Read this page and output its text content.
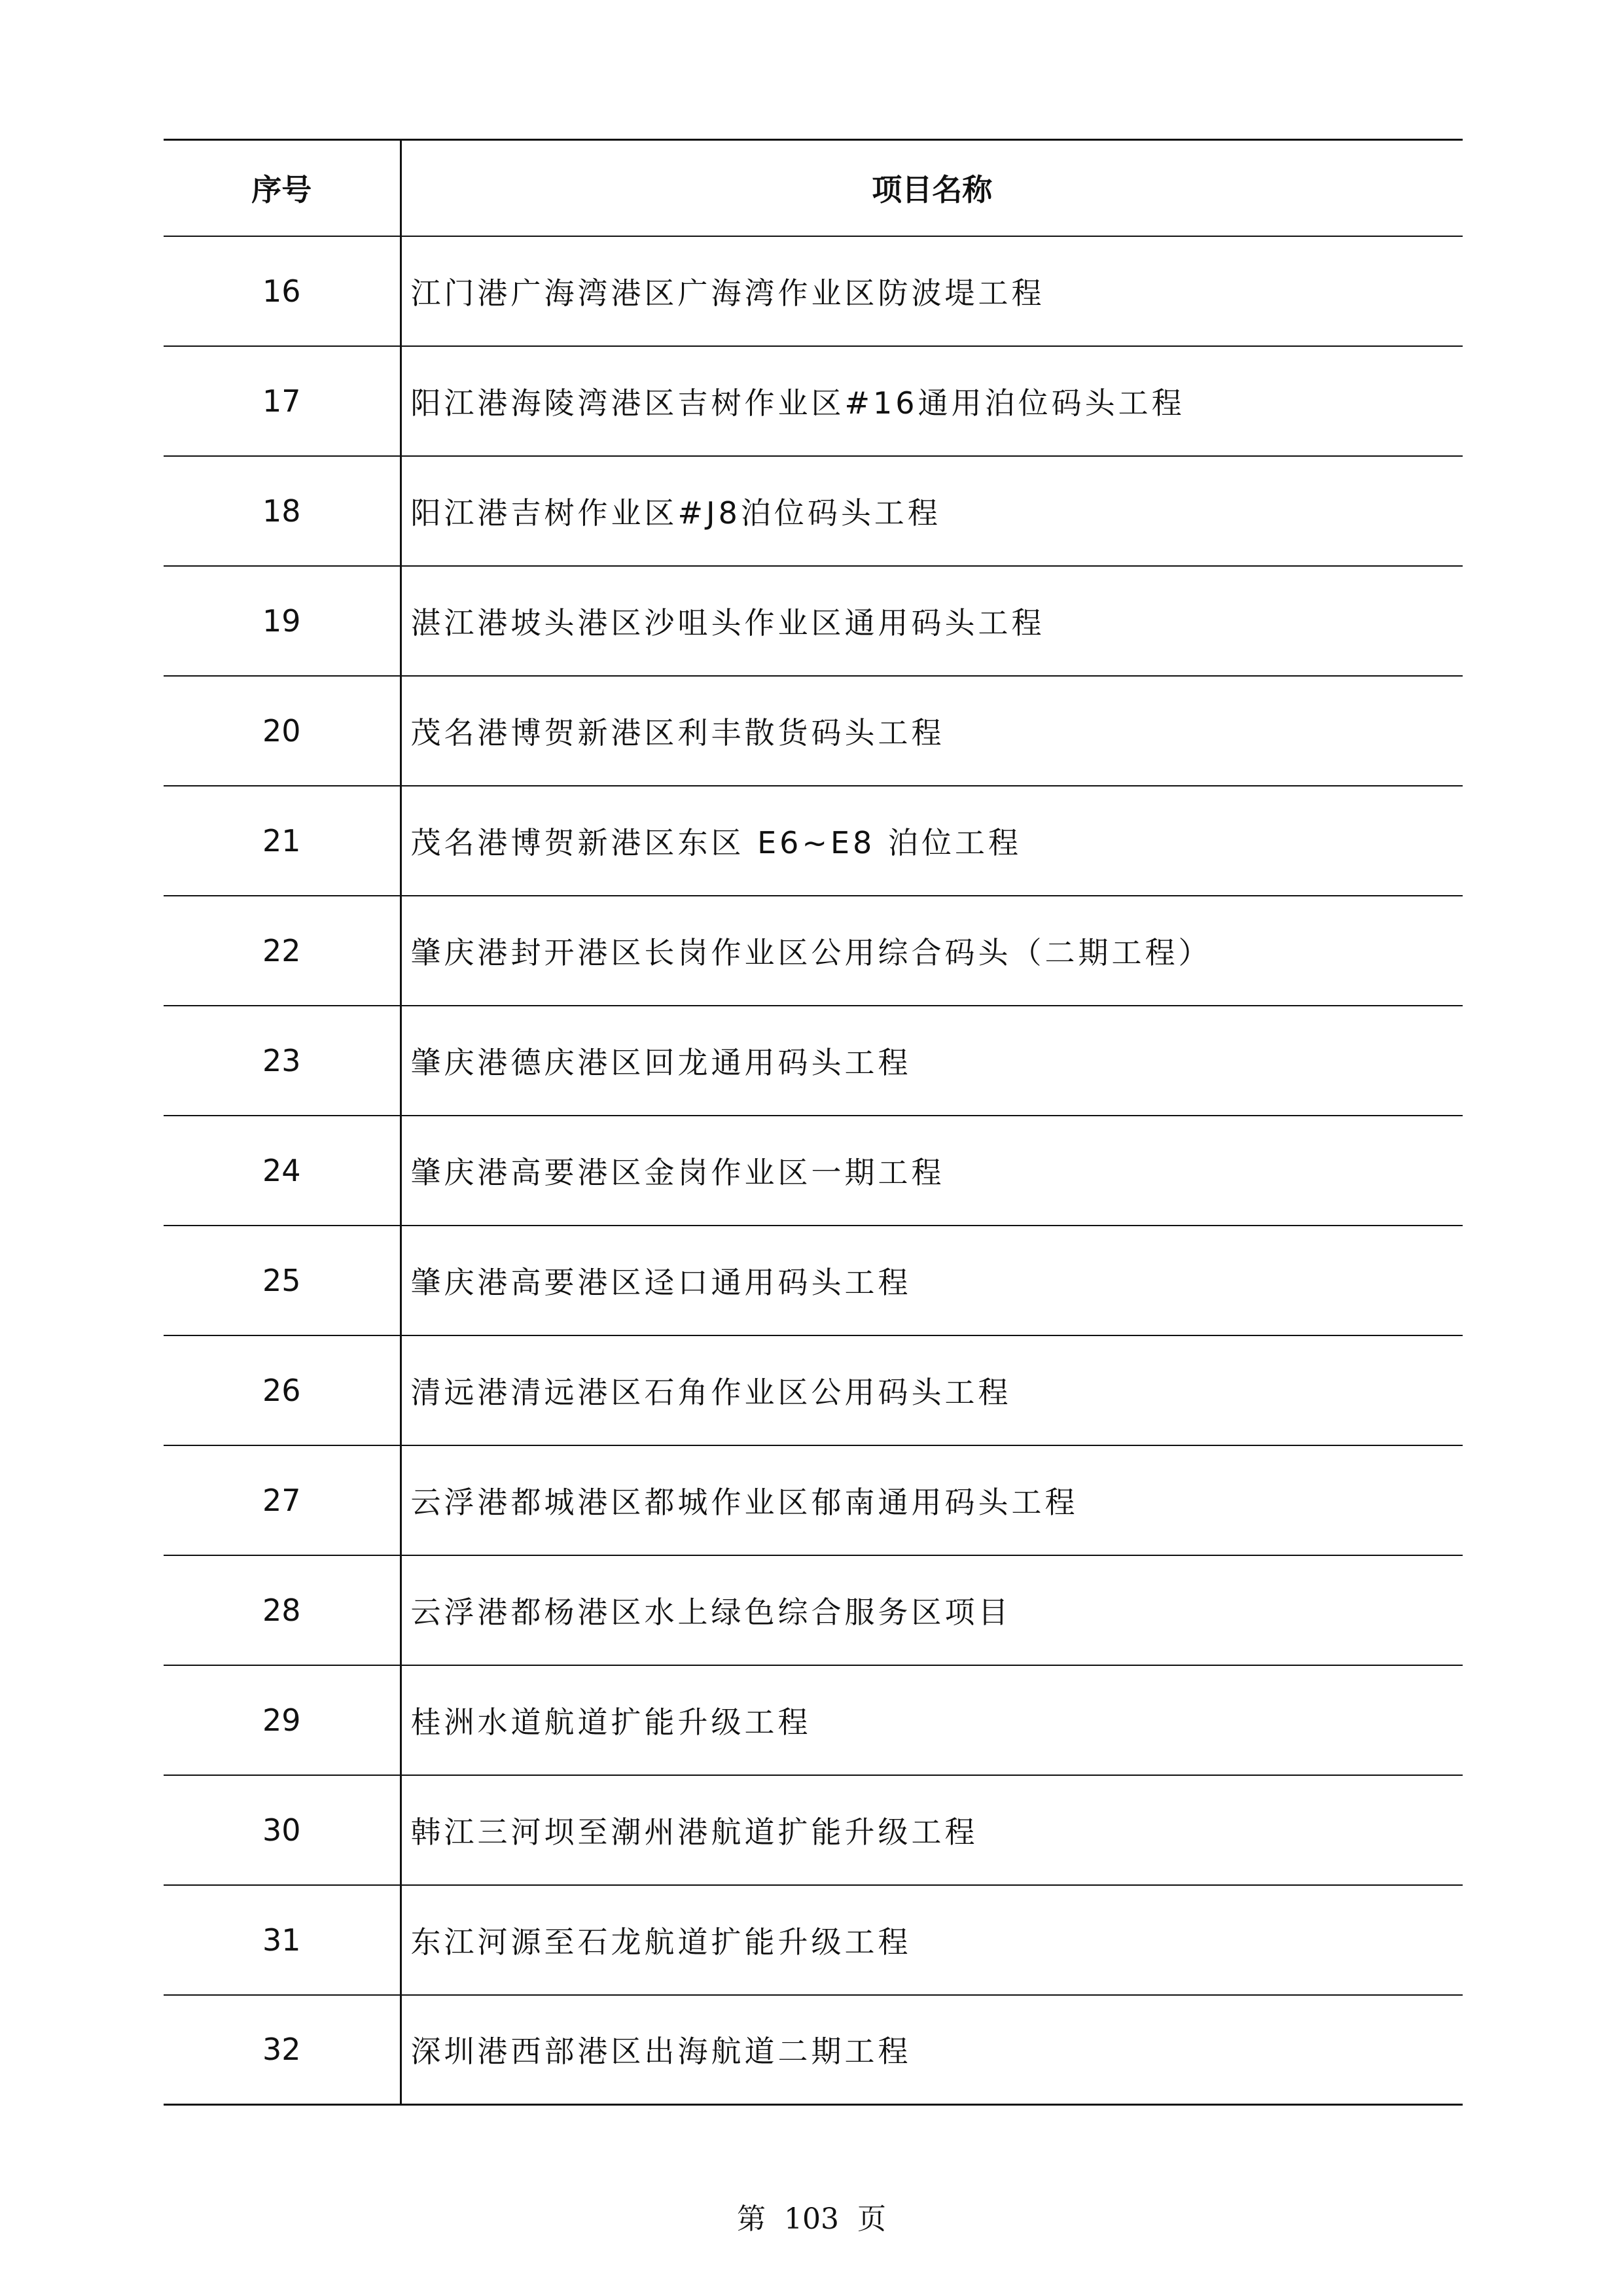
序号	项目名称
16	江门港广海湾港区广海湾作业区防波堤工程
17	阳江港海陵湾港区吉树作业区#16通用泊位码头工程
18	阳江港吉树作业区#J8泊位码头工程
19	湛江港坡头港区沙咀头作业区通用码头工程
20	茂名港博贺新港区利丰散货码头工程
21	茂名港博贺新港区东区 E6~E8 泊位工程
22	肇庆港封开港区长岗作业区公用综合码头（二期工程）
23	肇庆港德庆港区回龙通用码头工程
24	肇庆港高要港区金岗作业区一期工程
25	肇庆港高要港区迳口通用码头工程
26	清远港清远港区石角作业区公用码头工程
27	云浮港都城港区都城作业区郁南通用码头工程
28	云浮港都杨港区水上绿色综合服务区项目
29	桂洲水道航道扩能升级工程
30	韩江三河坝至潮州港航道扩能升级工程
31	东江河源至石龙航道扩能升级工程
32	深圳港西部港区出海航道二期工程
第 103 页
